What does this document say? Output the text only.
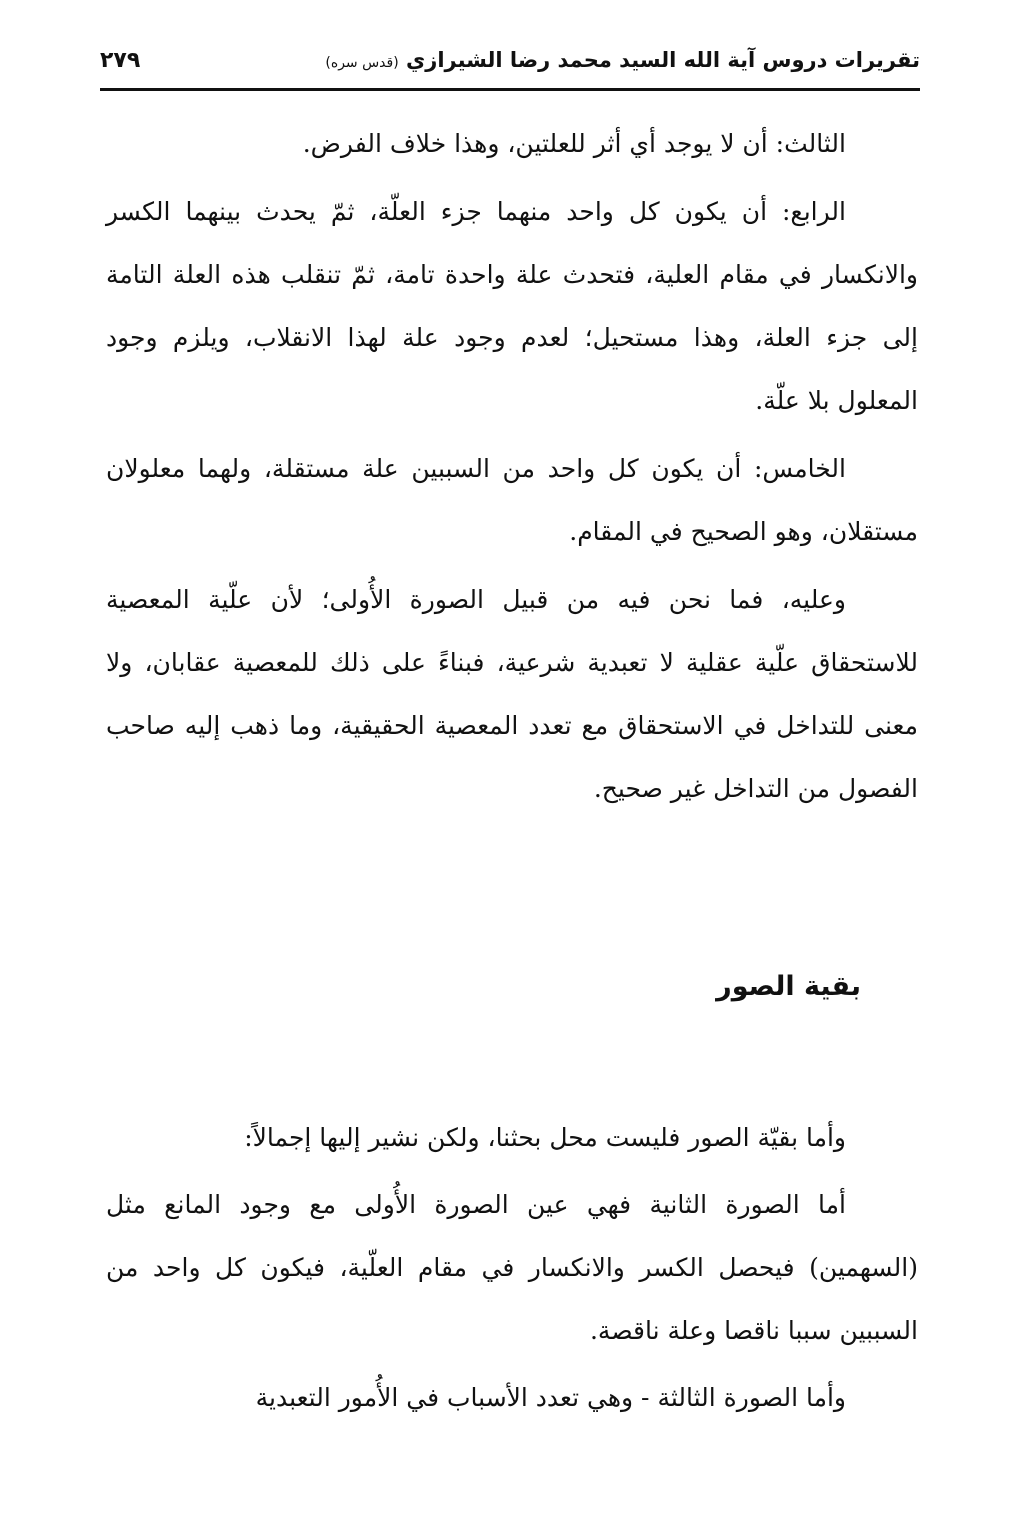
تقريرات دروس آية الله السيد محمد رضا الشيرازي (قدس سره)
٢٧٩

الثالث: أن لا يوجد أي أثر للعلتين، وهذا خلاف الفرض.

الرابع: أن يكون كل واحد منهما جزء العلّة، ثمّ يحدث بينهما الكسر والانكسار في مقام العلية، فتحدث علة واحدة تامة، ثمّ تنقلب هذه العلة التامة إلى جزء العلة، وهذا مستحيل؛ لعدم وجود علة لهذا الانقلاب، ويلزم وجود المعلول بلا علّة.

الخامس: أن يكون كل واحد من السببين علة مستقلة، ولهما معلولان مستقلان، وهو الصحيح في المقام.

وعليه، فما نحن فيه من قبيل الصورة الأُولى؛ لأن علّية المعصية للاستحقاق علّية عقلية لا تعبدية شرعية، فبناءً على ذلك للمعصية عقابان، ولا معنى للتداخل في الاستحقاق مع تعدد المعصية الحقيقية، وما ذهب إليه صاحب الفصول من التداخل غير صحيح.

بقية الصور

وأما بقيّة الصور فليست محل بحثنا، ولكن نشير إليها إجمالاً:

أما الصورة الثانية فهي عين الصورة الأُولى مع وجود المانع مثل (السهمين) فيحصل الكسر والانكسار في مقام العلّية، فيكون كل واحد من السببين سببا ناقصا وعلة ناقصة.

وأما الصورة الثالثة - وهي تعدد الأسباب في الأُمور التعبدية
